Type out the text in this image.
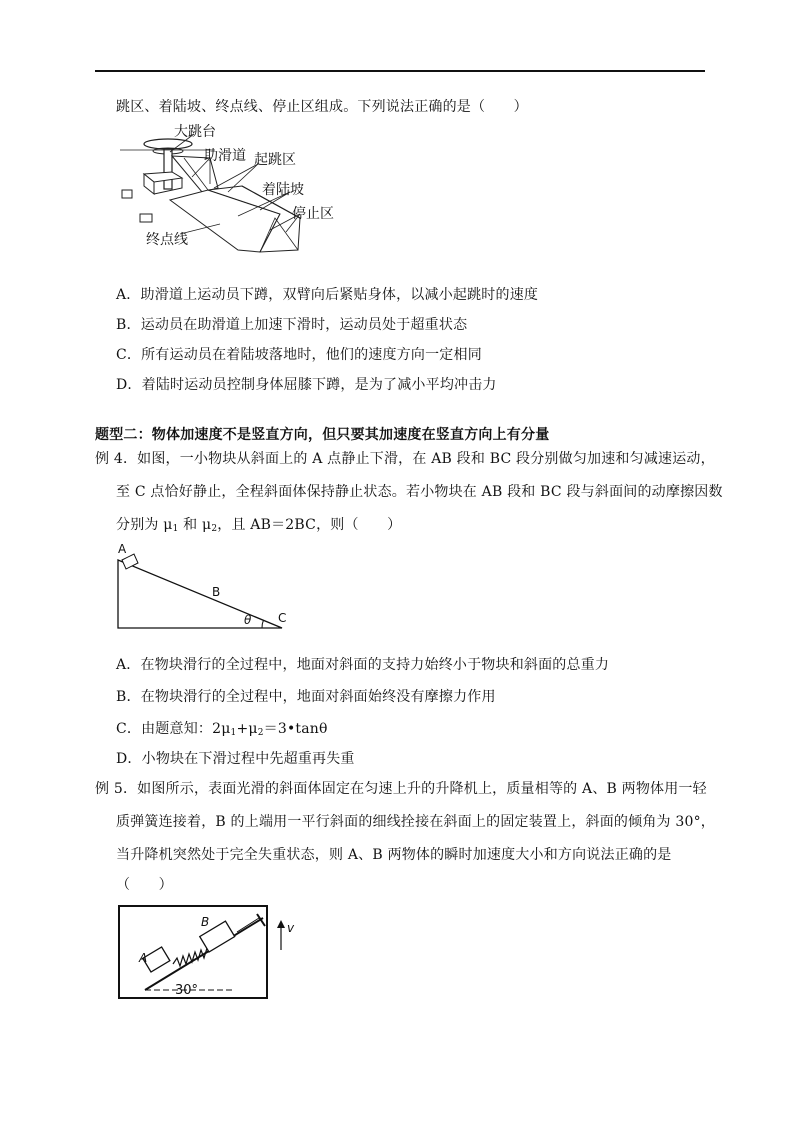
跳区、着陆坡、终点线、停止区组成。下列说法正确的是（　　）
大跳台
助滑道 起跳区
着陆坡
停止区
终点线
A．助滑道上运动员下蹲，双臂向后紧贴身体，以减小起跳时的速度
B．运动员在助滑道上加速下滑时，运动员处于超重状态
C．所有运动员在着陆坡落地时，他们的速度方向一定相同
D．着陆时运动员控制身体屈膝下蹲，是为了减小平均冲击力
题型二：物体加速度不是竖直方向，但只要其加速度在竖直方向上有分量
例 4．如图，一小物块从斜面上的 A 点静止下滑，在 AB 段和 BC 段分别做匀加速和匀减速运动，
至 C 点恰好静止，全程斜面体保持静止状态。若小物块在 AB 段和 BC 段与斜面间的动摩擦因数
分别为 $\mu_1$ 和 $\mu_2$，且 AB＝2BC，则（　　）
A
B
C
θ
A．在物块滑行的全过程中，地面对斜面的支持力始终小于物块和斜面的总重力
B．在物块滑行的全过程中，地面对斜面始终没有摩擦力作用
C．由题意知：$2\mu_1+\mu_2=3•\tan\theta$
D．小物块在下滑过程中先超重再失重
例 5．如图所示，表面光滑的斜面体固定在匀速上升的升降机上，质量相等的 A、B 两物体用一轻
质弹簧连接着，B 的上端用一平行斜面的细线拴接在斜面上的固定装置上，斜面的倾角为 30°，
当升降机突然处于完全失重状态，则 A、B 两物体的瞬时加速度大小和方向说法正确的是
（　　）
A
B
30°
v
